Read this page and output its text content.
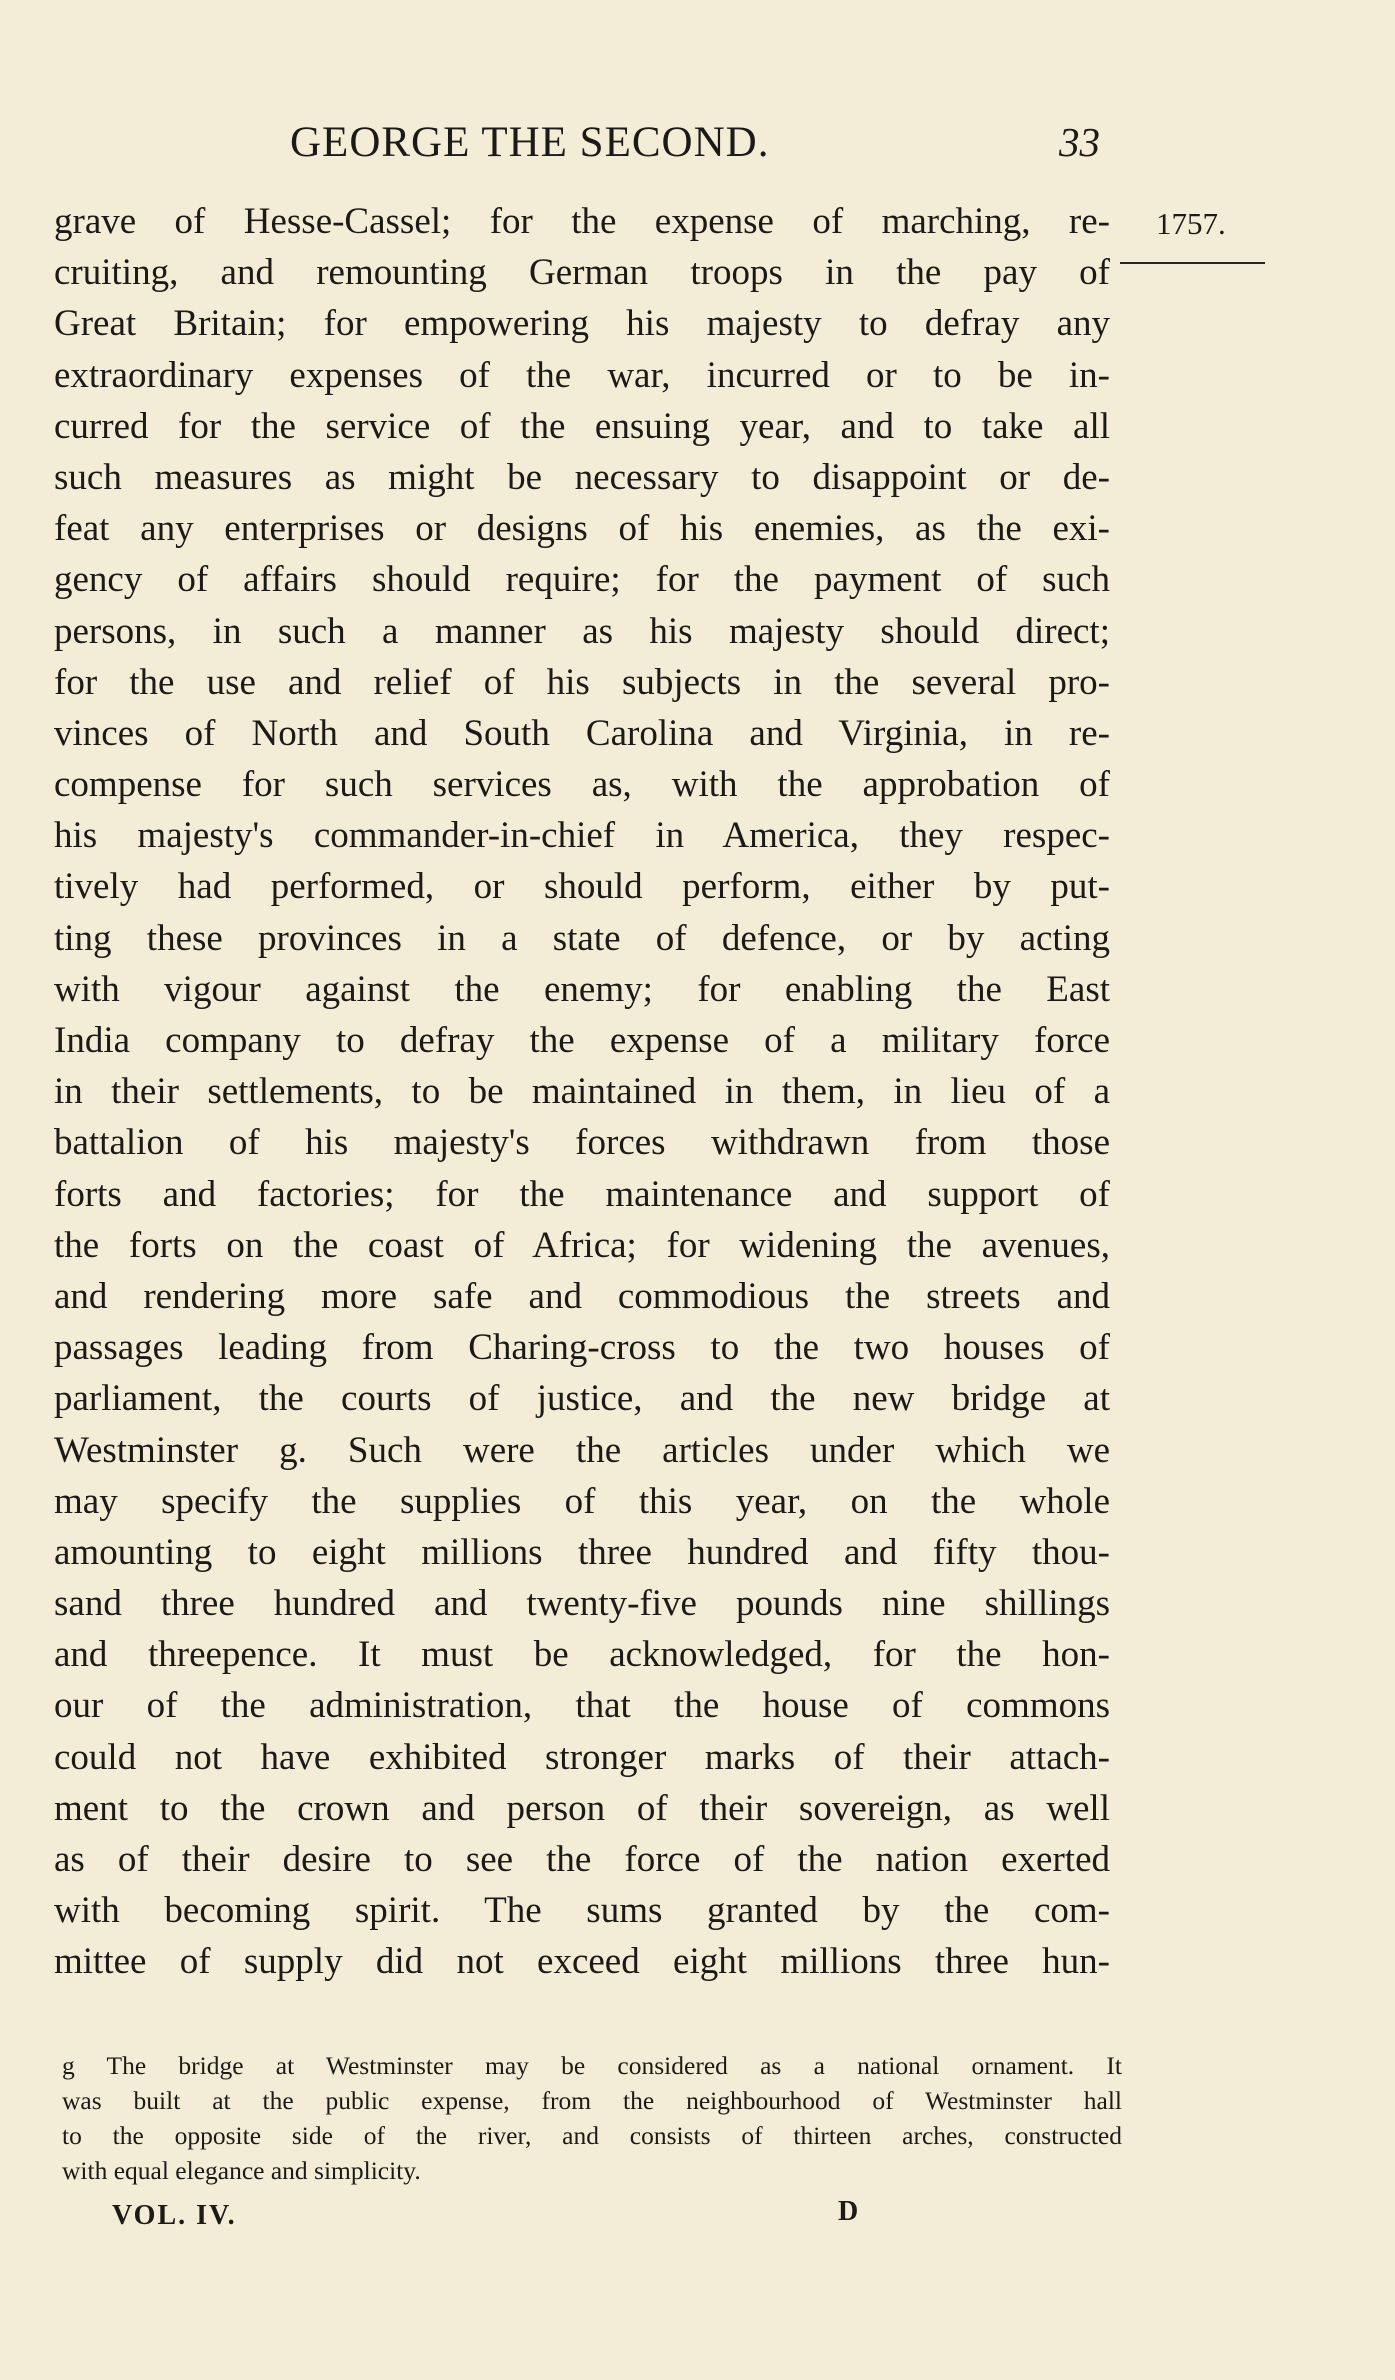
GEORGE THE SECOND.	33
1757.
grave of Hesse-Cassel; for the expense of marching, re-
cruiting, and remounting German troops in the pay of
Great Britain; for empowering his majesty to defray any
extraordinary expenses of the war, incurred or to be in-
curred for the service of the ensuing year, and to take all
such measures as might be necessary to disappoint or de-
feat any enterprises or designs of his enemies, as the exi-
gency of affairs should require; for the payment of such
persons, in such a manner as his majesty should direct;
for the use and relief of his subjects in the several pro-
vinces of North and South Carolina and Virginia, in re-
compense for such services as, with the approbation of
his majesty's commander-in-chief in America, they respec-
tively had performed, or should perform, either by put-
ting these provinces in a state of defence, or by acting
with vigour against the enemy; for enabling the East
India company to defray the expense of a military force
in their settlements, to be maintained in them, in lieu of a
battalion of his majesty's forces withdrawn from those
forts and factories; for the maintenance and support of
the forts on the coast of Africa; for widening the avenues,
and rendering more safe and commodious the streets and
passages leading from Charing-cross to the two houses of
parliament, the courts of justice, and the new bridge at
Westminster g. Such were the articles under which we
may specify the supplies of this year, on the whole
amounting to eight millions three hundred and fifty thou-
sand three hundred and twenty-five pounds nine shillings
and threepence. It must be acknowledged, for the hon-
our of the administration, that the house of commons
could not have exhibited stronger marks of their attach-
ment to the crown and person of their sovereign, as well
as of their desire to see the force of the nation exerted
with becoming spirit. The sums granted by the com-
mittee of supply did not exceed eight millions three hun-
g The bridge at Westminster may be considered as a national ornament. It
was built at the public expense, from the neighbourhood of Westminster hall
to the opposite side of the river, and consists of thirteen arches, constructed
with equal elegance and simplicity.
VOL. IV.	D
